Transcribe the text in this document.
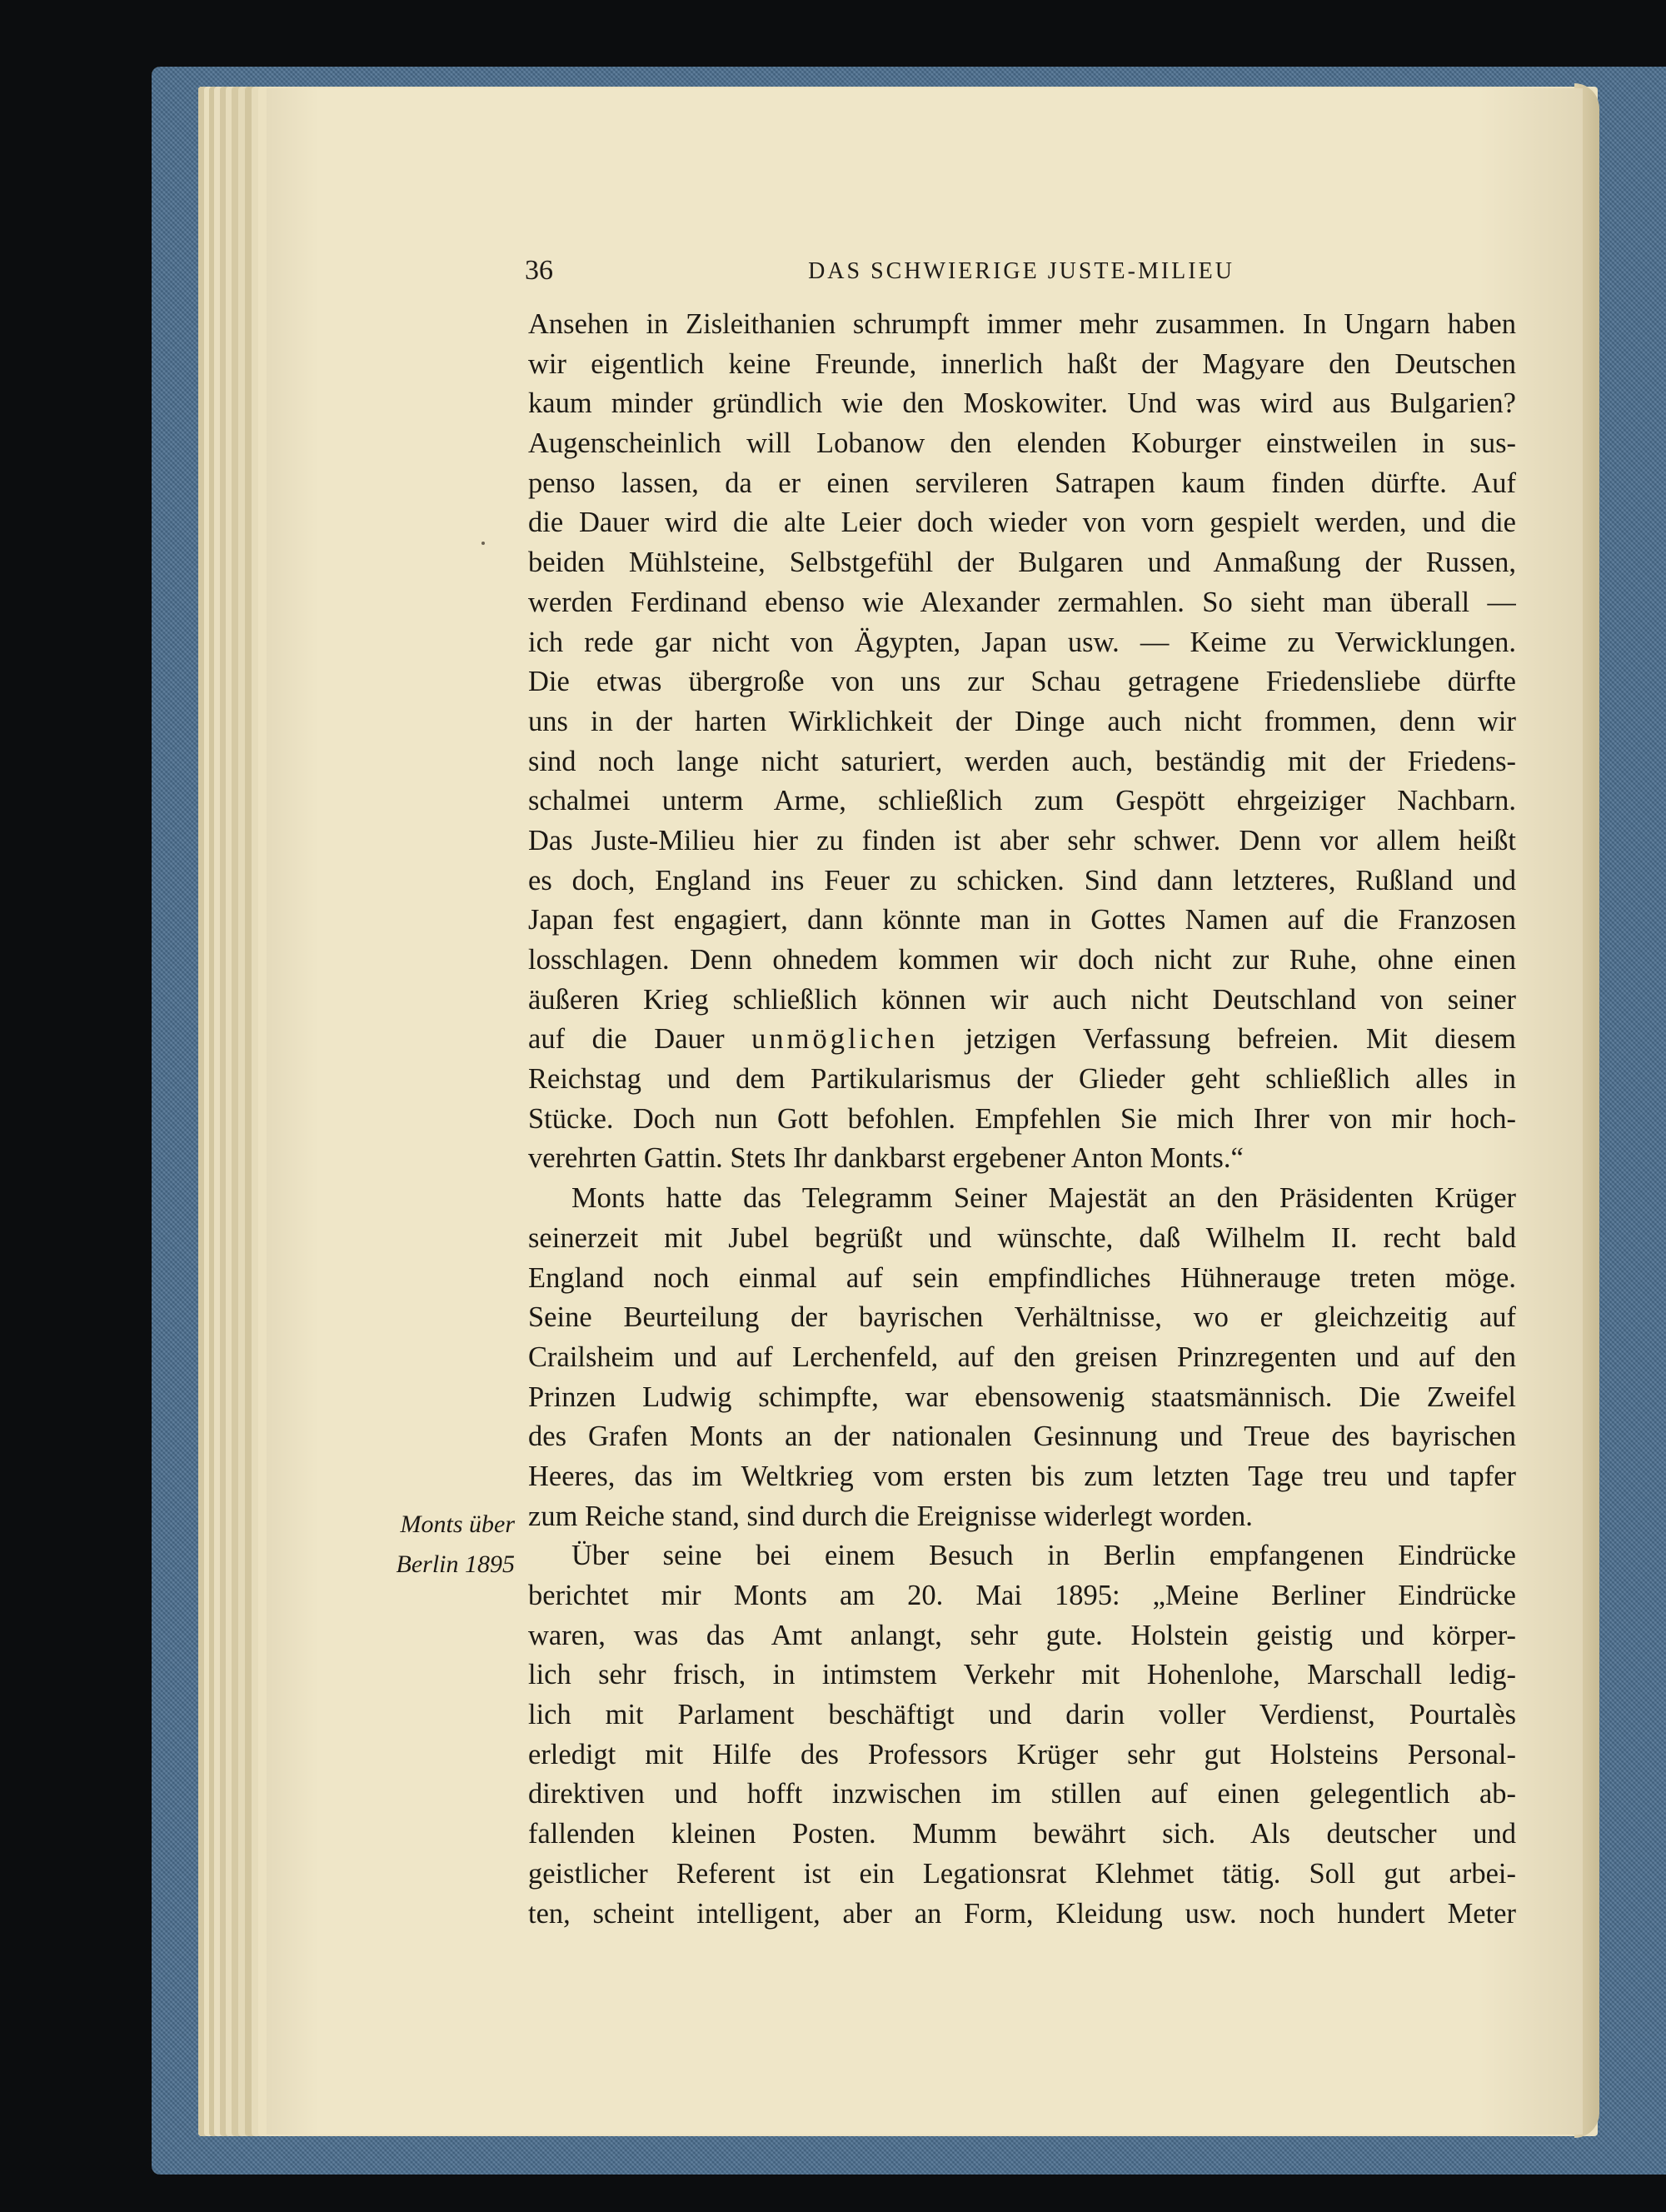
36	DAS SCHWIERIGE JUSTE-MILIEU
Monts über
Berlin 1895
Ansehen in Zisleithanien schrumpft immer mehr zusammen. In Ungarn haben
wir eigentlich keine Freunde, innerlich haßt der Magyare den Deutschen
kaum minder gründlich wie den Moskowiter. Und was wird aus Bulgarien?
Augenscheinlich will Lobanow den elenden Koburger einstweilen in sus-
penso lassen, da er einen servileren Satrapen kaum finden dürfte. Auf
die Dauer wird die alte Leier doch wieder von vorn gespielt werden, und die
beiden Mühlsteine, Selbstgefühl der Bulgaren und Anmaßung der Russen,
werden Ferdinand ebenso wie Alexander zermahlen. So sieht man überall —
ich rede gar nicht von Ägypten, Japan usw. — Keime zu Verwicklungen.
Die etwas übergroße von uns zur Schau getragene Friedensliebe dürfte
uns in der harten Wirklichkeit der Dinge auch nicht frommen, denn wir
sind noch lange nicht saturiert, werden auch, beständig mit der Friedens-
schalmei unterm Arme, schließlich zum Gespött ehrgeiziger Nachbarn.
Das Juste-Milieu hier zu finden ist aber sehr schwer. Denn vor allem heißt
es doch, England ins Feuer zu schicken. Sind dann letzteres, Rußland und
Japan fest engagiert, dann könnte man in Gottes Namen auf die Franzosen
losschlagen. Denn ohnedem kommen wir doch nicht zur Ruhe, ohne einen
äußeren Krieg schließlich können wir auch nicht Deutschland von seiner
auf die Dauer unmöglichen jetzigen Verfassung befreien. Mit diesem
Reichstag und dem Partikularismus der Glieder geht schließlich alles in
Stücke. Doch nun Gott befohlen. Empfehlen Sie mich Ihrer von mir hoch-
verehrten Gattin. Stets Ihr dankbarst ergebener Anton Monts.“
Monts hatte das Telegramm Seiner Majestät an den Präsidenten Krüger
seinerzeit mit Jubel begrüßt und wünschte, daß Wilhelm II. recht bald
England noch einmal auf sein empfindliches Hühnerauge treten möge.
Seine Beurteilung der bayrischen Verhältnisse, wo er gleichzeitig auf
Crailsheim und auf Lerchenfeld, auf den greisen Prinzregenten und auf den
Prinzen Ludwig schimpfte, war ebensowenig staatsmännisch. Die Zweifel
des Grafen Monts an der nationalen Gesinnung und Treue des bayrischen
Heeres, das im Weltkrieg vom ersten bis zum letzten Tage treu und tapfer
zum Reiche stand, sind durch die Ereignisse widerlegt worden.
Über seine bei einem Besuch in Berlin empfangenen Eindrücke
berichtet mir Monts am 20. Mai 1895: „Meine Berliner Eindrücke
waren, was das Amt anlangt, sehr gute. Holstein geistig und körper-
lich sehr frisch, in intimstem Verkehr mit Hohenlohe, Marschall ledig-
lich mit Parlament beschäftigt und darin voller Verdienst, Pourtalès
erledigt mit Hilfe des Professors Krüger sehr gut Holsteins Personal-
direktiven und hofft inzwischen im stillen auf einen gelegentlich ab-
fallenden kleinen Posten. Mumm bewährt sich. Als deutscher und
geistlicher Referent ist ein Legationsrat Klehmet tätig. Soll gut arbei-
ten, scheint intelligent, aber an Form, Kleidung usw. noch hundert Meter
